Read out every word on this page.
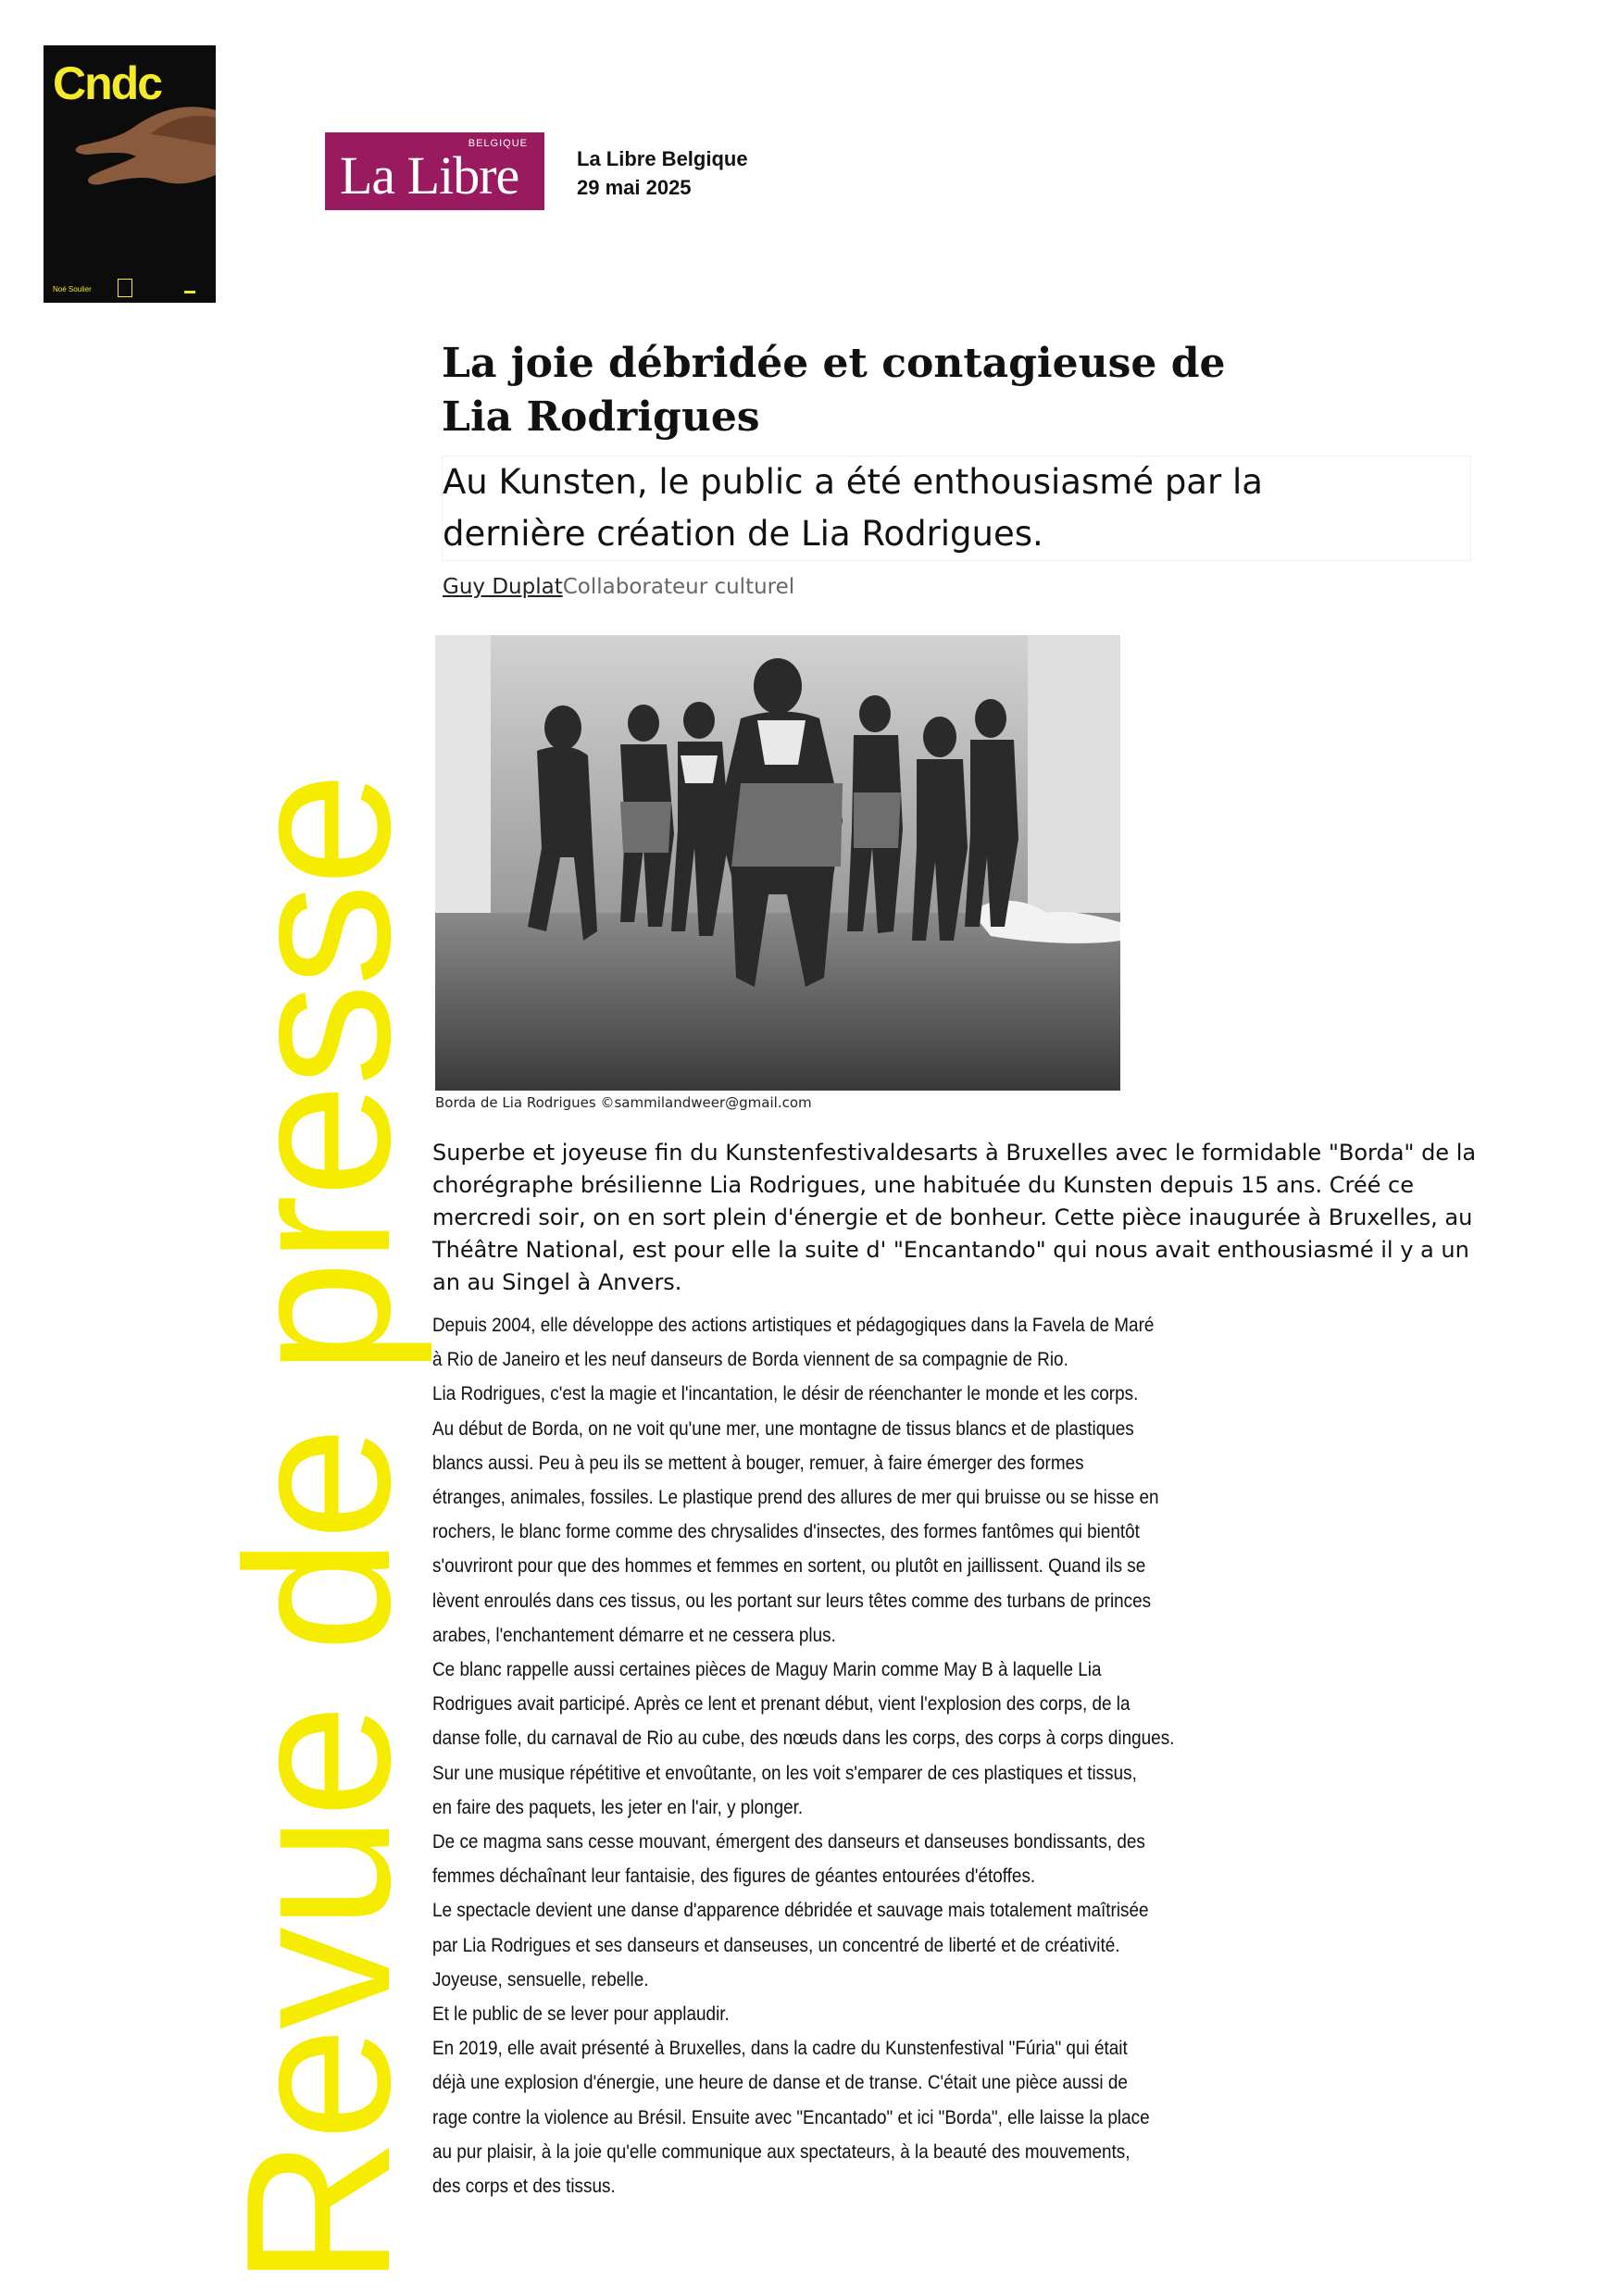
Cndc
Noé Soulier
BELGIQUE
La Libre	La Libre Belgique
29 mai 2025
La joie débridée et contagieuse de
Lia Rodrigues

Au Kunsten, le public a été enthousiasmé par la
dernière création de Lia Rodrigues.

Guy DuplatCollaborateur culturel
Borda de Lia Rodrigues ©sammilandweer@gmail.com

Superbe et joyeuse fin du Kunstenfestivaldesarts à Bruxelles avec le formidable "Borda" de la chorégraphe brésilienne Lia Rodrigues, une habituée du Kunsten depuis 15 ans. Créé ce mercredi soir, on en sort plein d'énergie et de bonheur. Cette pièce inaugurée à Bruxelles, au Théâtre National, est pour elle la suite d' "Encantando" qui nous avait enthousiasmé il y a un an au Singel à Anvers.

Depuis 2004, elle développe des actions artistiques et pédagogiques dans la Favela de Maré
à Rio de Janeiro et les neuf danseurs de Borda viennent de sa compagnie de Rio.
Lia Rodrigues, c'est la magie et l'incantation, le désir de réenchanter le monde et les corps.
Au début de Borda, on ne voit qu'une mer, une montagne de tissus blancs et de plastiques
blancs aussi. Peu à peu ils se mettent à bouger, remuer, à faire émerger des formes
étranges, animales, fossiles. Le plastique prend des allures de mer qui bruisse ou se hisse en
rochers, le blanc forme comme des chrysalides d'insectes, des formes fantômes qui bientôt
s'ouvriront pour que des hommes et femmes en sortent, ou plutôt en jaillissent. Quand ils se
lèvent enroulés dans ces tissus, ou les portant sur leurs têtes comme des turbans de princes
arabes, l'enchantement démarre et ne cessera plus.
Ce blanc rappelle aussi certaines pièces de Maguy Marin comme May B à laquelle Lia
Rodrigues avait participé. Après ce lent et prenant début, vient l'explosion des corps, de la
danse folle, du carnaval de Rio au cube, des nœuds dans les corps, des corps à corps dingues.
Sur une musique répétitive et envoûtante, on les voit s'emparer de ces plastiques et tissus,
en faire des paquets, les jeter en l'air, y plonger.
De ce magma sans cesse mouvant, émergent des danseurs et danseuses bondissants, des
femmes déchaînant leur fantaisie, des figures de géantes entourées d'étoffes.
Le spectacle devient une danse d'apparence débridée et sauvage mais totalement maîtrisée
par Lia Rodrigues et ses danseurs et danseuses, un concentré de liberté et de créativité.
Joyeuse, sensuelle, rebelle.
Et le public de se lever pour applaudir.
En 2019, elle avait présenté à Bruxelles, dans la cadre du Kunstenfestival "Fúria" qui était
déjà une explosion d'énergie, une heure de danse et de transe. C'était une pièce aussi de
rage contre la violence au Brésil. Ensuite avec "Encantado" et ici "Borda", elle laisse la place
au pur plaisir, à la joie qu'elle communique aux spectateurs, à la beauté des mouvements,
des corps et des tissus.
Revue de presse
